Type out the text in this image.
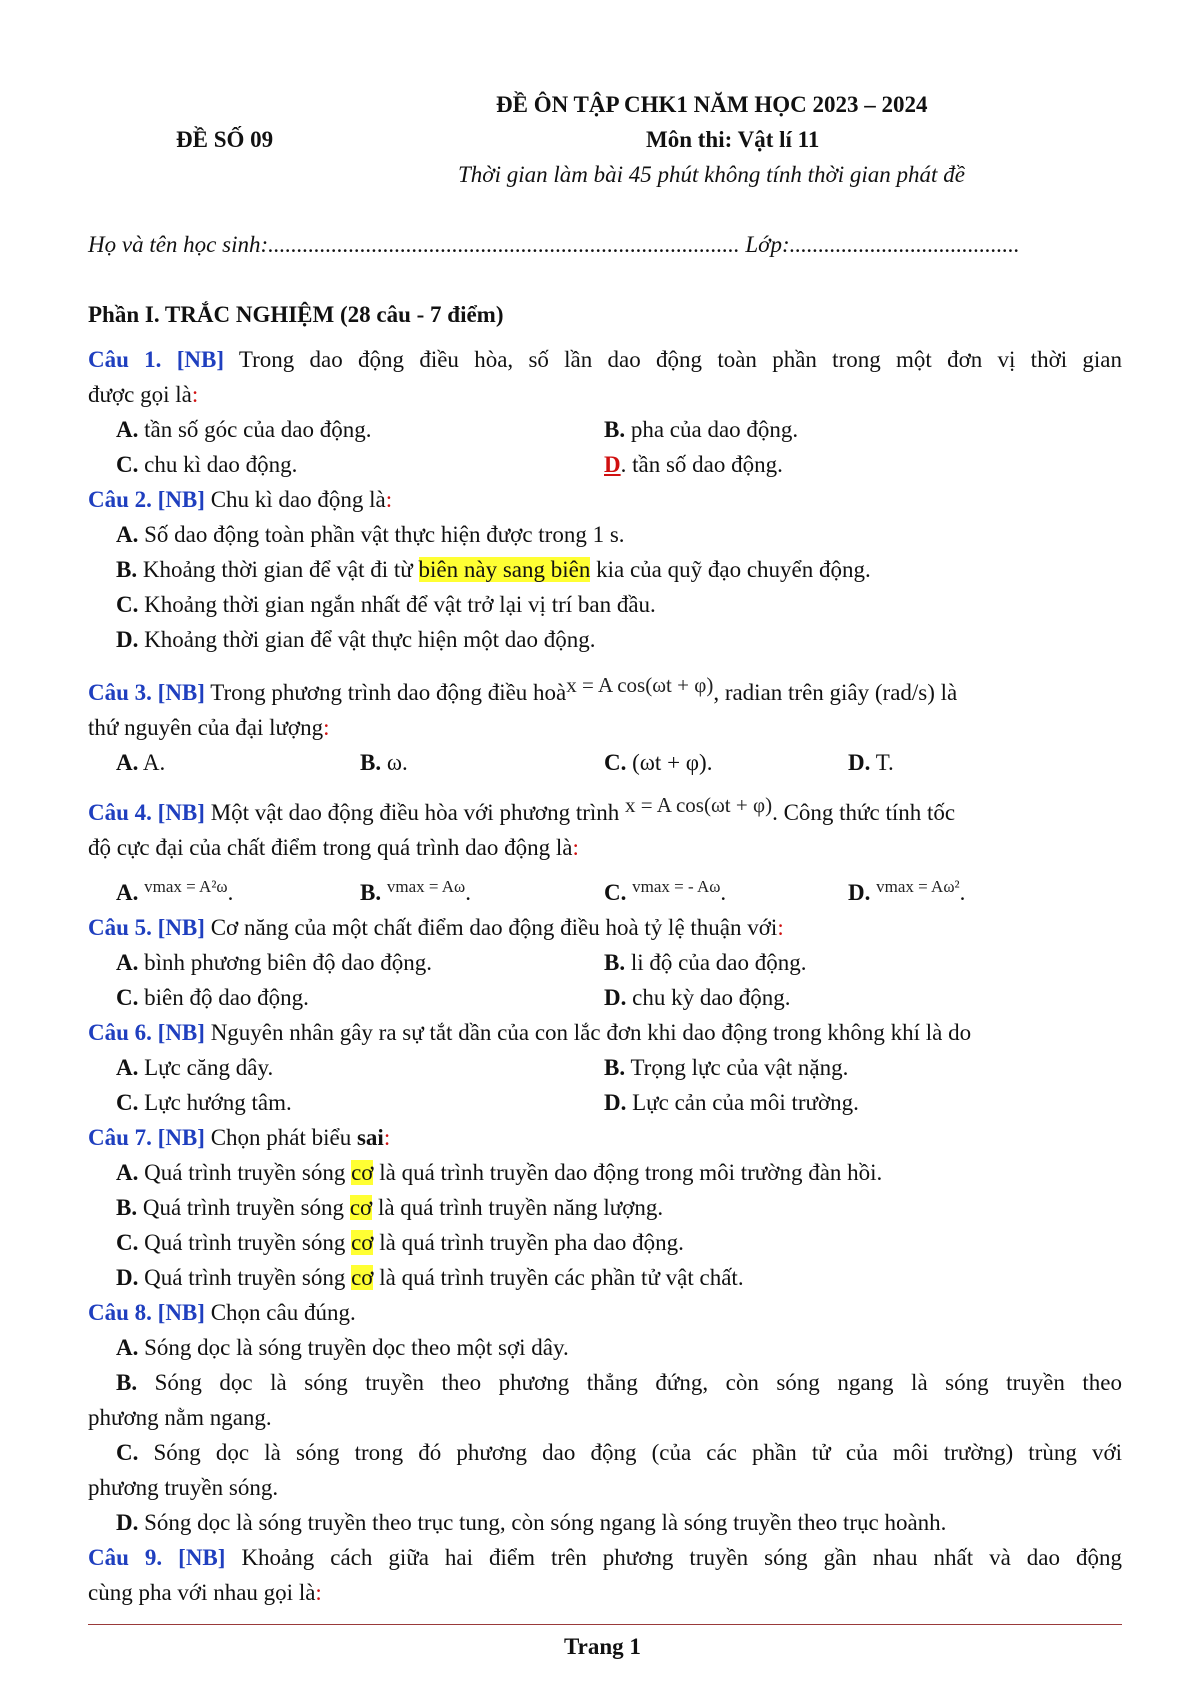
ĐỀ ÔN TẬP CHK1 NĂM HỌC 2023 – 2024
ĐỀ SỐ 09	Môn thi: Vật lí 11
Thời gian làm bài 45 phút không tính thời gian phát đề
Họ và tên học sinh:.................................................................................. Lớp:........................................
Phần I. TRẮC NGHIỆM (28 câu - 7 điểm)
Câu 1. [NB] Trong dao động điều hòa, số lần dao động toàn phần trong một đơn vị thời gian
được gọi là:
A. tần số góc của dao động.	B. pha của dao động.
C. chu kì dao động.	D. tần số dao động.
Câu 2. [NB] Chu kì dao động là:
A. Số dao động toàn phần vật thực hiện được trong 1 s.
B. Khoảng thời gian để vật đi từ biên này sang biên kia của quỹ đạo chuyển động.
C. Khoảng thời gian ngắn nhất để vật trở lại vị trí ban đầu.
D. Khoảng thời gian để vật thực hiện một dao động.
Câu 3. [NB] Trong phương trình dao động điều hoàx = A cos(ωt + φ), radian trên giây (rad/s) là
thứ nguyên của đại lượng:
A. A.	B. ω.	C. (ωt + φ).	D. T.
Câu 4. [NB] Một vật dao động điều hòa với phương trình x = A cos(ωt + φ). Công thức tính tốc
độ cực đại của chất điểm trong quá trình dao động là:
A. $^{vmax = A^2\omega}$.	B. $^{vmax = A\omega}$.	C. $^{vmax = - A\omega}$.	D. $^{vmax = A\omega^2}$.
Câu 5. [NB] Cơ năng của một chất điểm dao động điều hoà tỷ lệ thuận với:
A. bình phương biên độ dao động.	B. li độ của dao động.
C. biên độ dao động.	D. chu kỳ dao động.
Câu 6. [NB] Nguyên nhân gây ra sự tắt dần của con lắc đơn khi dao động trong không khí là do
A. Lực căng dây.	B. Trọng lực của vật nặng.
C. Lực hướng tâm.	D. Lực cản của môi trường.
Câu 7. [NB] Chọn phát biểu sai:
A. Quá trình truyền sóng cơ là quá trình truyền dao động trong môi trường đàn hồi.
B. Quá trình truyền sóng cơ là quá trình truyền năng lượng.
C. Quá trình truyền sóng cơ là quá trình truyền pha dao động.
D. Quá trình truyền sóng cơ là quá trình truyền các phần tử vật chất.
Câu 8. [NB] Chọn câu đúng.
A. Sóng dọc là sóng truyền dọc theo một sợi dây.
B. Sóng dọc là sóng truyền theo phương thẳng đứng, còn sóng ngang là sóng truyền theo
phương nằm ngang.
C. Sóng dọc là sóng trong đó phương dao động (của các phần tử của môi trường) trùng với
phương truyền sóng.
D. Sóng dọc là sóng truyền theo trục tung, còn sóng ngang là sóng truyền theo trục hoành.
Câu 9. [NB] Khoảng cách giữa hai điểm trên phương truyền sóng gần nhau nhất và dao động
cùng pha với nhau gọi là:
Trang 1
